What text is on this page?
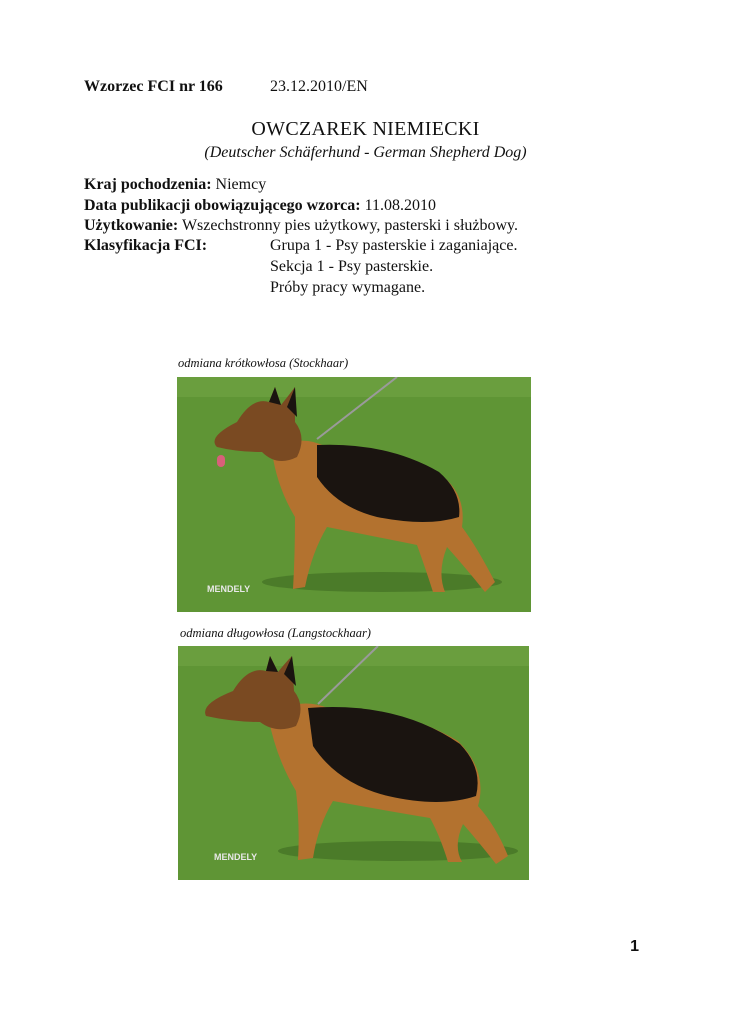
Wzorzec FCI nr 166	23.12.2010/EN
OWCZAREK NIEMIECKI
(Deutscher Schäferhund - German Shepherd Dog)
Kraj pochodzenia: Niemcy
Data publikacji obowiązującego wzorca: 11.08.2010
Użytkowanie: Wszechstronny pies użytkowy, pasterski i służbowy.
Klasyfikacja FCI:	Grupa 1 - Psy pasterskie i zaganiające.
Sekcja 1 - Psy pasterskie.
Próby pracy wymagane.
odmiana krótkowłosa (Stockhaar)
MENDELY
odmiana długowłosa (Langstockhaar)
MENDELY
1
